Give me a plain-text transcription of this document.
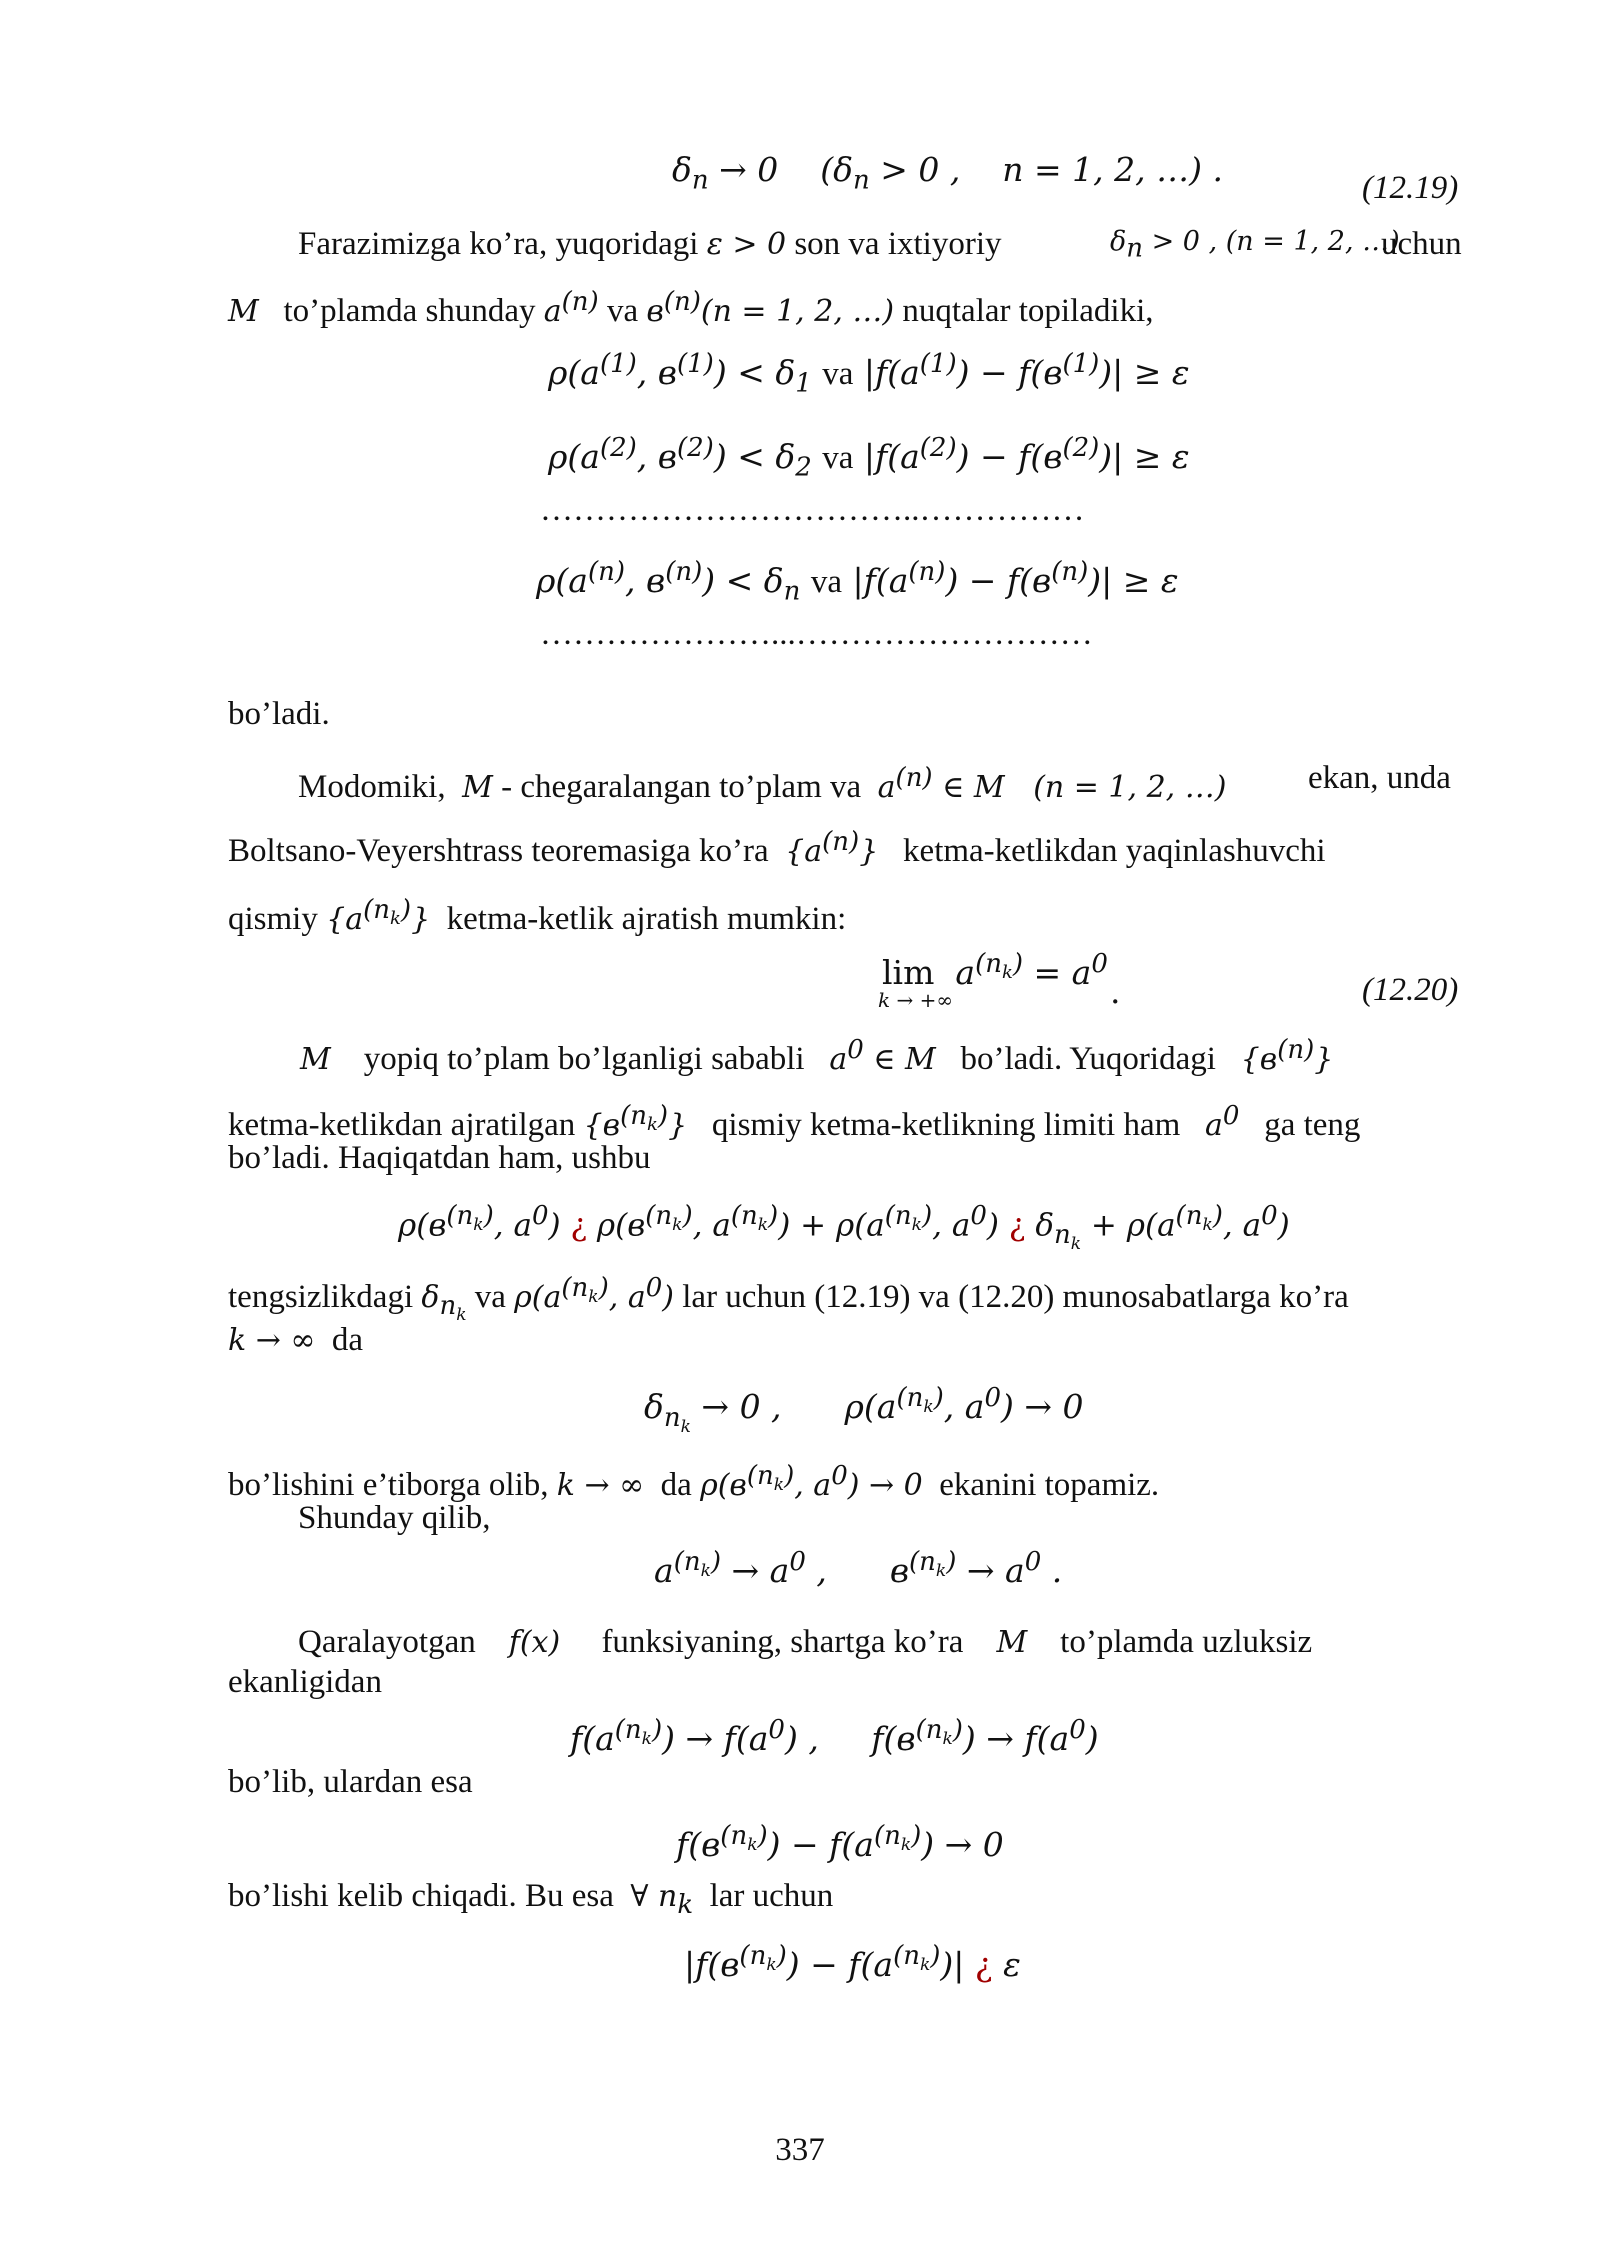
$\delta_n \to 0$    ($\delta_n > 0$ ,    n = 1, 2, …) .	(12.19)
Farazimizga ko’ra, yuqoridagi ε > 0 son va ixtiyoriy	$\delta_n > 0$ , (n = 1, 2, …)
uchun
M to’plamda shunday $a^{(n)}$ va $в^{(n)}(n = 1$, 2, …) nuqtalar topiladiki,
$\rho(a^{(1)}$, $в^{(1)}) < \delta_1$ va $|f(a^{(1)}) - f(в^{(1)})| \ge \varepsilon$
$\rho(a^{(2)}$, $в^{(2)}) < \delta_2$ va $|f(a^{(2)}) - f(в^{(2)})| \ge \varepsilon$
……………………………..……………
$\rho(a^{(n)}$, $в^{(n)}) < \delta_n$ va $|f(a^{(n)}) - f(в^{(n)})| \ge \varepsilon$
…………………...………………………
bo’ladi.
Modomiki, M - chegaralangan to’plam va $a^{(n)}$ ∈ M   (n = 1, 2, …) ekan, unda
Boltsano-Veyershtrass teoremasiga ko’ra $\{a^{(n)}\}$ ketma-ketlikdan yaqinlashuvchi
qismiy $\{a^{(n_k)}\}$ ketma-ketlik ajratish mumkin:
$\lim a^{(n_k)} = a^0$
k → +∞	.	(12.20)
M yopiq to’plam bo’lganligi sababli $a^0$ ∈ M bo’ladi. Yuqoridagi $\{в^{(n)}\}$
ketma-ketlikdan ajratilgan $\{в^{(n_k)}\}$ qismiy ketma-ketlikning limiti ham $a^0$ ga teng
bo’ladi. Haqiqatdan ham, ushbu
$\rho(в^{(n_k)}$, $a^0$) ¿ $\rho(в^{(n_k)}$, $a^{(n_k)}) + \rho(a^{(n_k)}$, $a^0$) ¿ $\delta_{n_k} + \rho(a^{(n_k)}$, $a^0$)
tengsizlikdagi $\delta_{n_k}$ va $\rho(a^{(n_k)}$, $a^0$) lar uchun (12.19) va (12.20) munosabatlarga ko’ra
k → ∞ da
$\delta_{n_k} \to 0$ ,      $\rho(a^{(n_k)}$, $a^0) \to 0$
bo’lishini e’tiborga olib, k → ∞ da $\rho(в^{(n_k)}$, $a^0) \to 0$ ekanini topamiz.
Shunday qilib,
$a^{(n_k)} \to a^0$ ,      $в^{(n_k)} \to a^0$ .
Qaralayotgan f(x) funksiyaning, shartga ko’ra M to’plamda uzluksiz
ekanligidan
$f(a^{(n_k)}) \to f(a^0)$ ,     $f(в^{(n_k)}) \to f(a^0)$
bo’lib, ulardan esa
$f(в^{(n_k)}) - f(a^{(n_k)}) \to 0$
bo’lishi kelib chiqadi. Bu esa ∀ $n_k$ lar uchun
$|f(в^{(n_k)}) - f(a^{(n_k)})|$ ¿ ε
337
